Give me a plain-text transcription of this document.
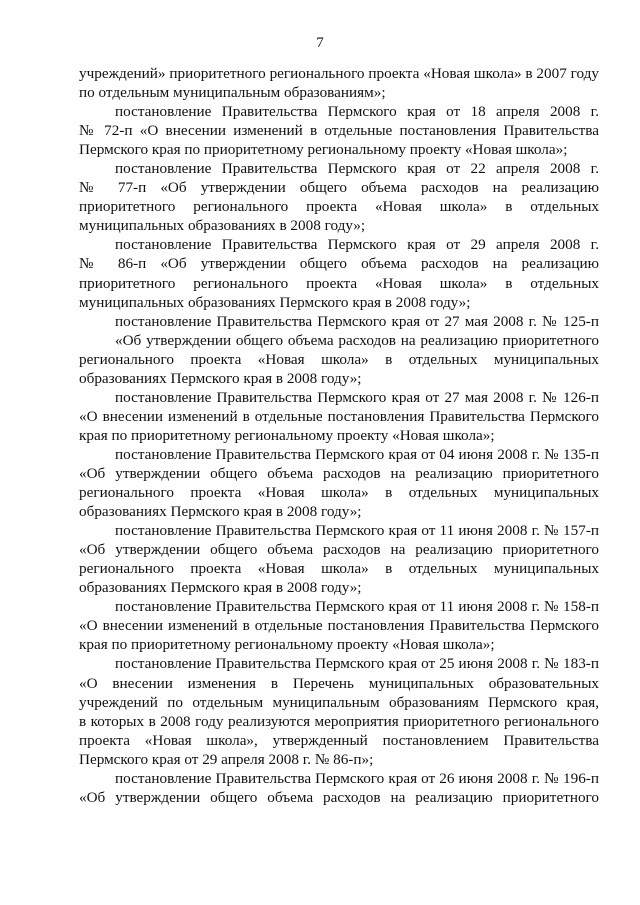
7
учреждений» приоритетного регионального проекта «Новая школа» в 2007 году
по отдельным муниципальным образованиям»;
постановление Правительства Пермского края от 18 апреля 2008 г.
№ 72-п «О внесении изменений в отдельные постановления Правительства
Пермского края по приоритетному региональному проекту «Новая школа»;
постановление Правительства Пермского края от 22 апреля 2008 г.
№ 77-п «Об утверждении общего объема расходов на реализацию
приоритетного регионального проекта «Новая школа» в отдельных
муниципальных образованиях в 2008 году»;
постановление Правительства Пермского края от 29 апреля 2008 г.
№ 86-п «Об утверждении общего объема расходов на реализацию
приоритетного регионального проекта «Новая школа» в отдельных
муниципальных образованиях Пермского края в 2008 году»;
постановление Правительства Пермского края от 27 мая 2008 г. № 125-п
«Об утверждении общего объема расходов на реализацию приоритетного
регионального проекта «Новая школа» в отдельных муниципальных
образованиях Пермского края в 2008 году»;
постановление Правительства Пермского края от 27 мая 2008 г. № 126-п
«О внесении изменений в отдельные постановления Правительства Пермского
края по приоритетному региональному проекту «Новая школа»;
постановление Правительства Пермского края от 04 июня 2008 г. № 135-п
«Об утверждении общего объема расходов на реализацию приоритетного
регионального проекта «Новая школа» в отдельных муниципальных
образованиях Пермского края в 2008 году»;
постановление Правительства Пермского края от 11 июня 2008 г. № 157-п
«Об утверждении общего объема расходов на реализацию приоритетного
регионального проекта «Новая школа» в отдельных муниципальных
образованиях Пермского края в 2008 году»;
постановление Правительства Пермского края от 11 июня 2008 г. № 158-п
«О внесении изменений в отдельные постановления Правительства Пермского
края по приоритетному региональному проекту «Новая школа»;
постановление Правительства Пермского края от 25 июня 2008 г. № 183-п
«О внесении изменения в Перечень муниципальных образовательных
учреждений по отдельным муниципальным образованиям Пермского края,
в которых в 2008 году реализуются мероприятия приоритетного регионального
проекта «Новая школа», утвержденный постановлением Правительства
Пермского края от 29 апреля 2008 г. № 86-п»;
постановление Правительства Пермского края от 26 июня 2008 г. № 196-п
«Об утверждении общего объема расходов на реализацию приоритетного
